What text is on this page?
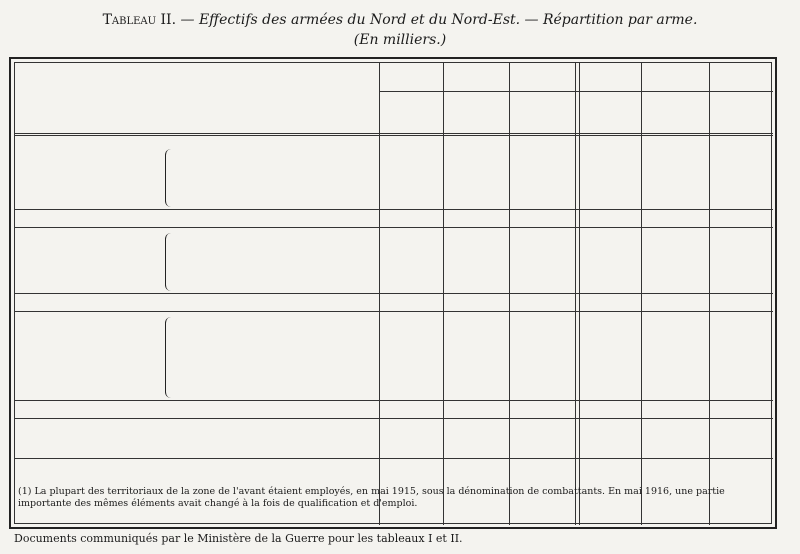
Tableau II. — Effectifs des armées du Nord et du Nord-Est. — Répartition par arme.
(En milliers.)
(1) La plupart des territoriaux de la zone de l'avant étaient employés, en mai 1915, sous la dénomination de combattants. En mai 1916, une partie importante des mêmes éléments avait changé à la fois de qualification et d'emploi.
Documents communiqués par le Ministère de la Guerre pour les tableaux I et II.
